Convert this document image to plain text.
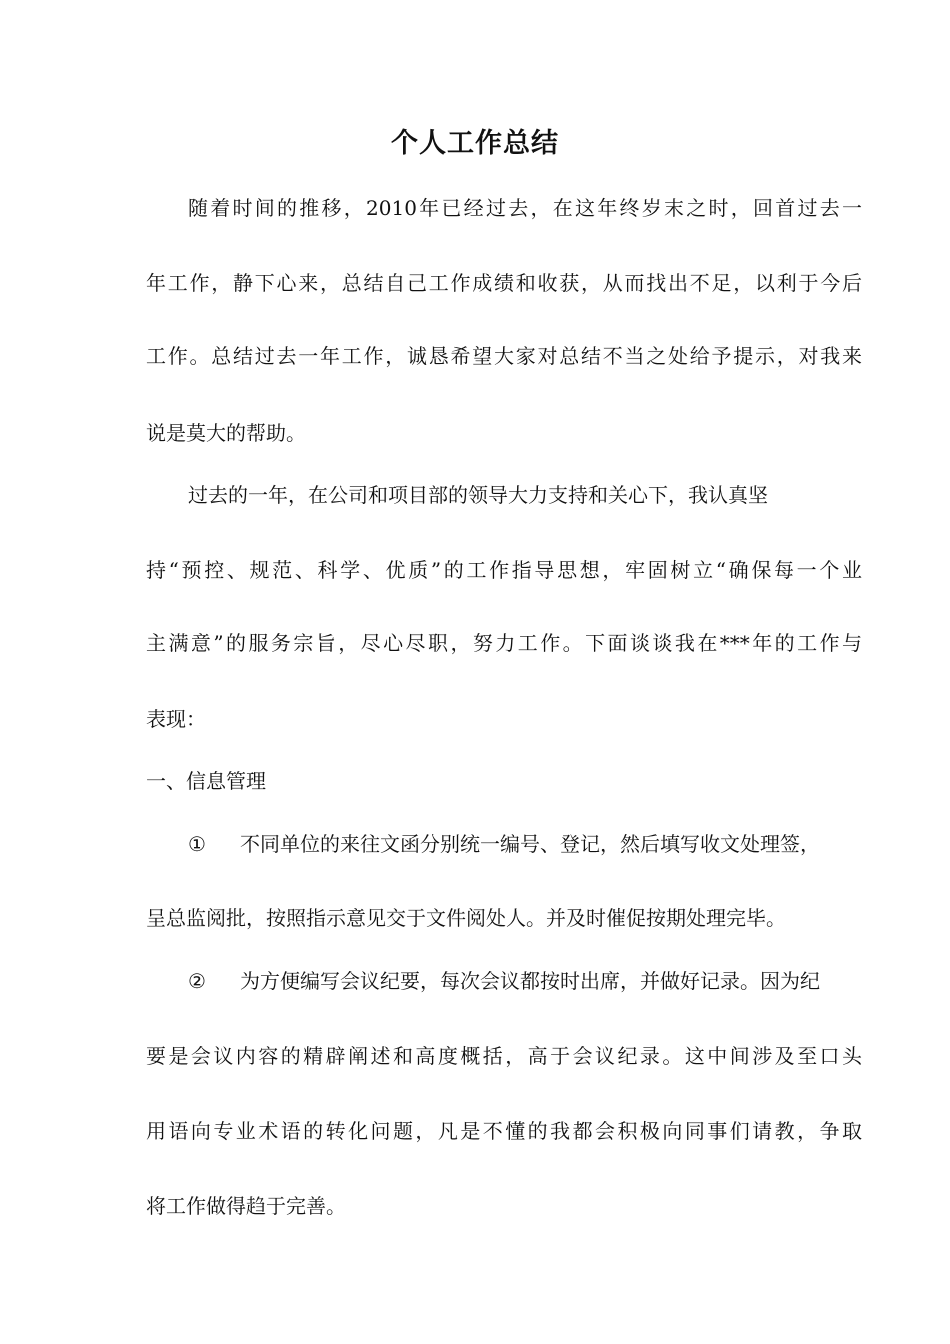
个人工作总结
随着时间的推移，2010年已经过去，在这年终岁末之时，回首过去一
年工作，静下心来，总结自己工作成绩和收获，从而找出不足，以利于今后
工作。总结过去一年工作，诚恳希望大家对总结不当之处给予提示，对我来
说是莫大的帮助。
过去的一年，在公司和项目部的领导大力支持和关心下，我认真坚
持“预控、规范、科学、优质”的工作指导思想，牢固树立“确保每一个业
主满意”的服务宗旨，尽心尽职，努力工作。下面谈谈我在***年的工作与
表现：
一、信息管理
① 不同单位的来往文函分别统一编号、登记，然后填写收文处理签，
呈总监阅批，按照指示意见交于文件阅处人。并及时催促按期处理完毕。
② 为方便编写会议纪要，每次会议都按时出席，并做好记录。因为纪
要是会议内容的精辟阐述和高度概括，高于会议纪录。这中间涉及至口头
用语向专业术语的转化问题，凡是不懂的我都会积极向同事们请教，争取
将工作做得趋于完善。
